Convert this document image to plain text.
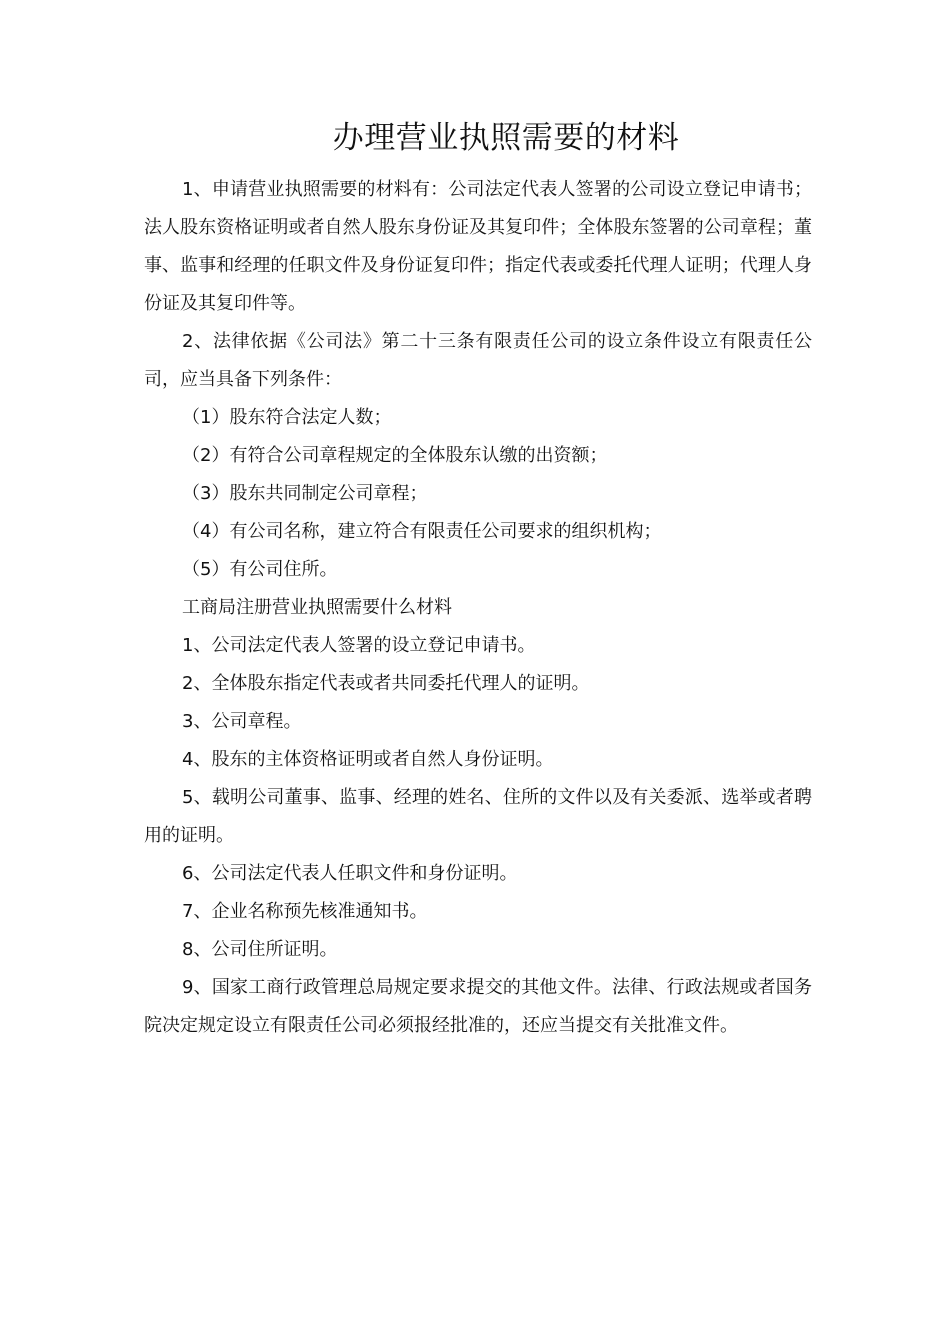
办理营业执照需要的材料

1、申请营业执照需要的材料有：公司法定代表人签署的公司设立登记申请书；法人股东资格证明或者自然人股东身份证及其复印件；全体股东签署的公司章程；董事、监事和经理的任职文件及身份证复印件；指定代表或委托代理人证明；代理人身份证及其复印件等。

2、法律依据《公司法》第二十三条有限责任公司的设立条件设立有限责任公司，应当具备下列条件：

（1）股东符合法定人数；

（2）有符合公司章程规定的全体股东认缴的出资额；

（3）股东共同制定公司章程；

（4）有公司名称，建立符合有限责任公司要求的组织机构；

（5）有公司住所。

工商局注册营业执照需要什么材料

1、公司法定代表人签署的设立登记申请书。

2、全体股东指定代表或者共同委托代理人的证明。

3、公司章程。

4、股东的主体资格证明或者自然人身份证明。

5、载明公司董事、监事、经理的姓名、住所的文件以及有关委派、选举或者聘用的证明。

6、公司法定代表人任职文件和身份证明。

7、企业名称预先核准通知书。

8、公司住所证明。

9、国家工商行政管理总局规定要求提交的其他文件。法律、行政法规或者国务院决定规定设立有限责任公司必须报经批准的，还应当提交有关批准文件。
